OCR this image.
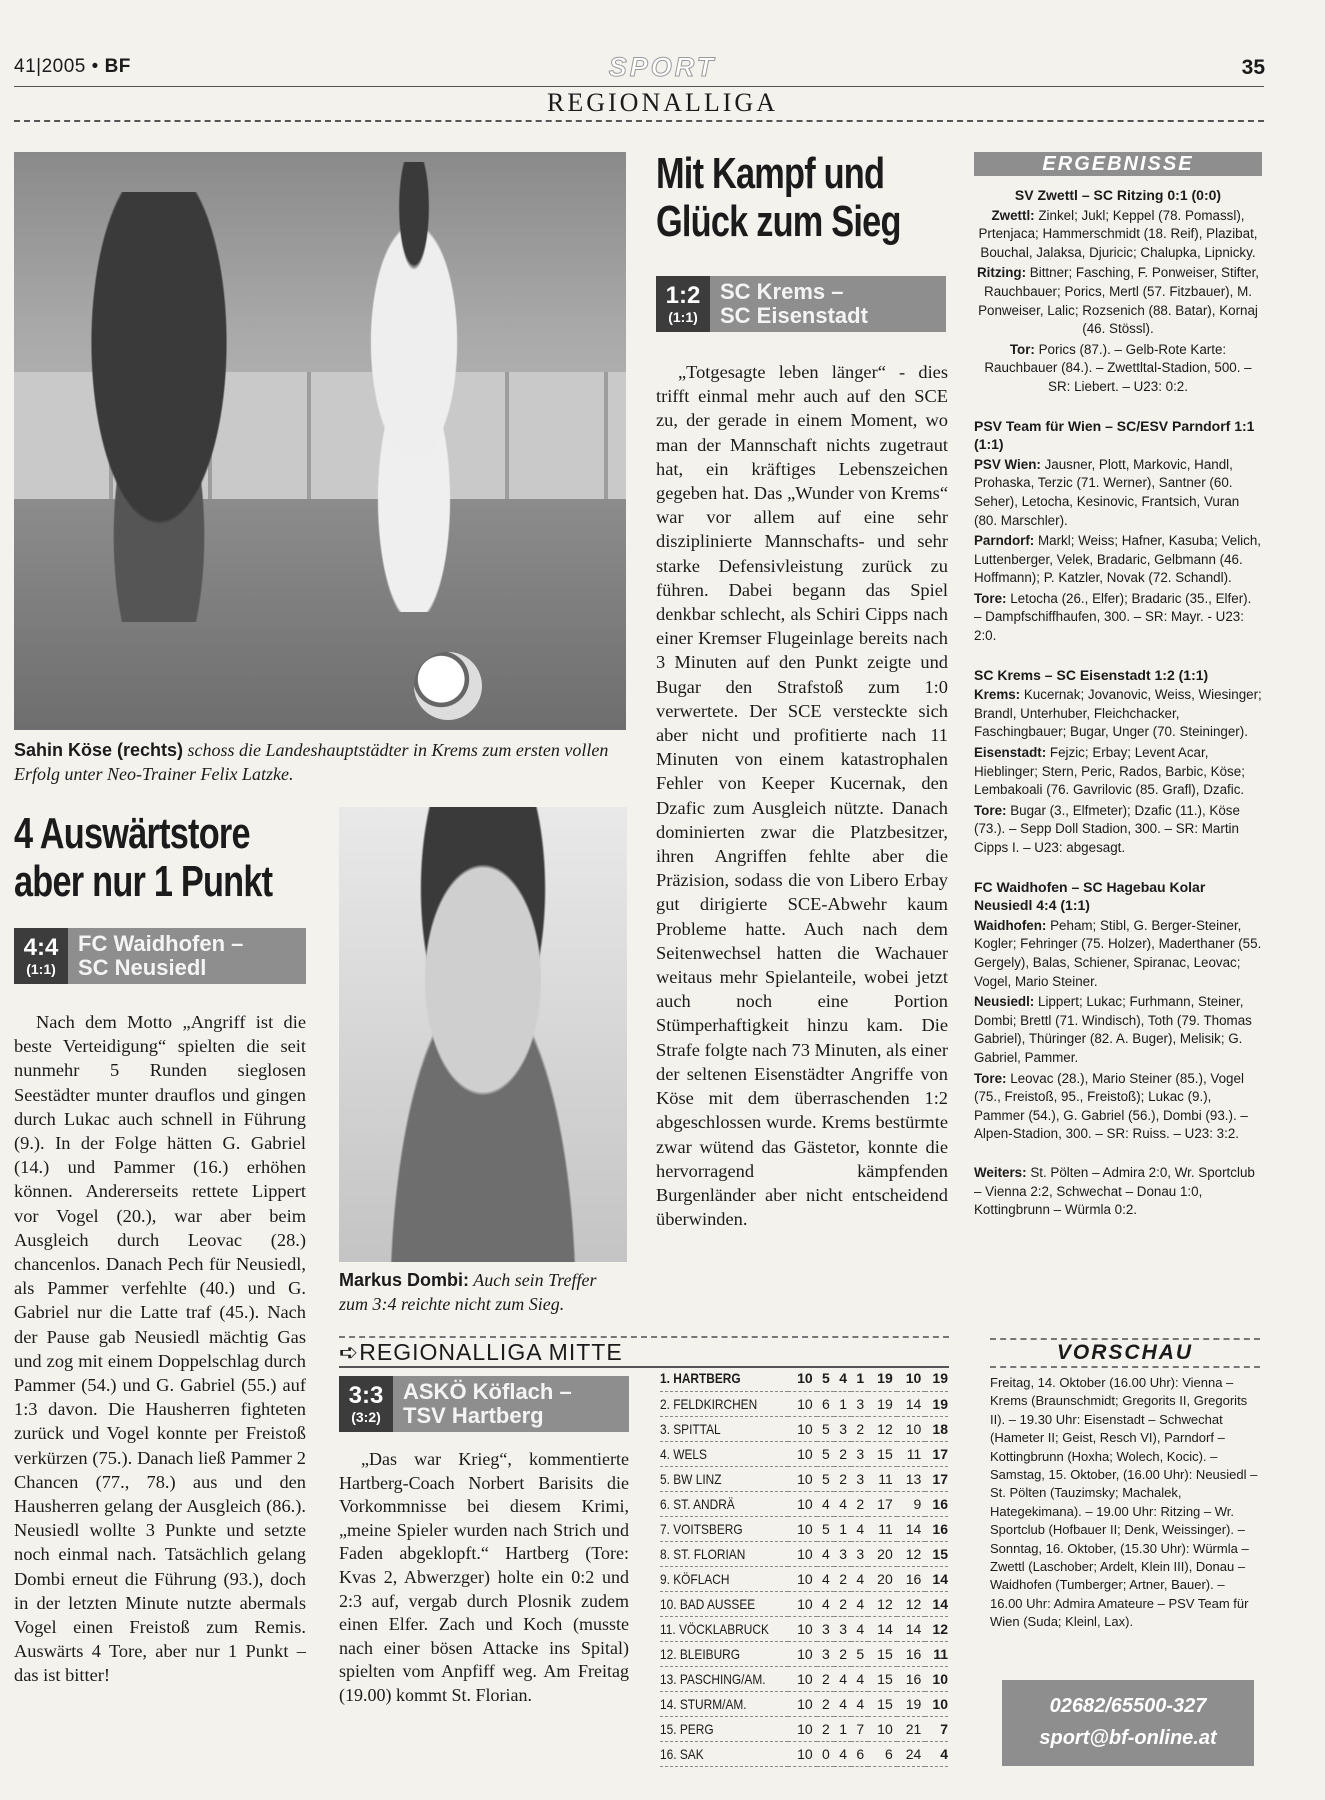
41|2005 • BF	SPORT	35
REGIONALLIGA
Sahin Köse (rechts) schoss die Landeshauptstädter in Krems zum ersten vollen Erfolg unter Neo-Trainer Felix Latzke.
4 Auswärtstore
aber nur 1 Punkt
4:4
(1:1)
FC Waidhofen –
SC Neusiedl

Nach dem Motto „Angriff ist die beste Verteidigung“ spielten die seit nunmehr 5 Runden sieglosen Seestädter munter drauflos und gingen durch Lukac auch schnell in Führung (9.). In der Folge hätten G. Gabriel (14.) und Pammer (16.) erhöhen können. Andererseits rettete Lippert vor Vogel (20.), war aber beim Ausgleich durch Leovac (28.) chancenlos. Danach Pech für Neusiedl, als Pammer verfehlte (40.) und G. Gabriel nur die Latte traf (45.). Nach der Pause gab Neusiedl mächtig Gas und zog mit einem Doppelschlag durch Pammer (54.) und G. Gabriel (55.) auf 1:3 davon. Die Hausherren fighteten zurück und Vogel konnte per Freistoß verkürzen (75.). Danach ließ Pammer 2 Chancen (77., 78.) aus und den Hausherren gelang der Ausgleich (86.). Neusiedl wollte 3 Punkte und setzte noch einmal nach. Tatsächlich gelang Dombi erneut die Führung (93.), doch in der letzten Minute nutzte abermals Vogel einen Freistoß zum Remis. Auswärts 4 Tore, aber nur 1 Punkt – das ist bitter!

Markus Dombi: Auch sein Treffer zum 3:4 reichte nicht zum Sieg.
Mit Kampf und
Glück zum Sieg
1:2
(1:1)
SC Krems –
SC Eisenstadt

„Totgesagte leben länger“ - dies trifft einmal mehr auch auf den SCE zu, der gerade in einem Moment, wo man der Mannschaft nichts zugetraut hat, ein kräftiges Lebenszeichen gegeben hat. Das „Wunder von Krems“ war vor allem auf eine sehr disziplinierte Mannschafts- und sehr starke Defensivleistung zurück zu führen. Dabei begann das Spiel denkbar schlecht, als Schiri Cipps nach einer Kremser Flugeinlage bereits nach 3 Minuten auf den Punkt zeigte und Bugar den Strafstoß zum 1:0 verwertete. Der SCE versteckte sich aber nicht und profitierte nach 11 Minuten von einem katastrophalen Fehler von Keeper Kucernak, den Dzafic zum Ausgleich nützte. Danach dominierten zwar die Platzbesitzer, ihren Angriffen fehlte aber die Präzision, sodass die von Libero Erbay gut dirigierte SCE-Abwehr kaum Probleme hatte. Auch nach dem Seitenwechsel hatten die Wachauer weitaus mehr Spielanteile, wobei jetzt auch noch eine Portion Stümperhaftigkeit hinzu kam. Die Strafe folgte nach 73 Minuten, als einer der seltenen Eisenstädter Angriffe von Köse mit dem überraschenden 1:2 abgeschlossen wurde. Krems bestürmte zwar wütend das Gästetor, konnte die hervorragend kämpfenden Burgenländer aber nicht entscheidend überwinden.

➪REGIONALLIGA MITTE
3:3
(3:2)
ASKÖ Köflach –
TSV Hartberg

„Das war Krieg“, kommentierte Hartberg-Coach Norbert Barisits die Vorkommnisse bei diesem Krimi, „meine Spieler wurden nach Strich und Faden abgeklopft.“ Hartberg (Tore: Kvas 2, Abwerzger) holte ein 0:2 und 2:3 auf, vergab durch Plosnik zudem einen Elfer. Zach und Koch (musste nach einer bösen Attacke ins Spital) spielten vom Anpfiff weg. Am Freitag (19.00) kommt St. Florian.

1. HARTBERG	10	5	4	1	19	10	19
2. FELDKIRCHEN	10	6	1	3	19	14	19
3. SPITTAL	10	5	3	2	12	10	18
4. WELS	10	5	2	3	15	11	17
5. BW LINZ	10	5	2	3	11	13	17
6. ST. ANDRÄ	10	4	4	2	17	9	16
7. VOITSBERG	10	5	1	4	11	14	16
8. ST. FLORIAN	10	4	3	3	20	12	15
9. KÖFLACH	10	4	2	4	20	16	14
10. BAD AUSSEE	10	4	2	4	12	12	14
11. VÖCKLABRUCK	10	3	3	4	14	14	12
12. BLEIBURG	10	3	2	5	15	16	11
13. PASCHING/AM.	10	2	4	4	15	16	10
14. STURM/AM.	10	2	4	4	15	19	10
15. PERG	10	2	1	7	10	21	7
16. SAK	10	0	4	6	6	24	4
ERGEBNISSE

SV Zwettl – SC Ritzing 0:1 (0:0)

Zwettl: Zinkel; Jukl; Keppel (78. Pomassl), Prtenjaca; Hammerschmidt (18. Reif), Plazibat, Bouchal, Jalaksa, Djuricic; Chalupka, Lipnicky.

Ritzing: Bittner; Fasching, F. Ponweiser, Stifter, Rauchbauer; Porics, Mertl (57. Fitzbauer), M. Ponweiser, Lalic; Rozsenich (88. Batar), Kornaj (46. Stössl).

Tor: Porics (87.). – Gelb-Rote Karte: Rauchbauer (84.). – Zwettltal-Stadion, 500. – SR: Liebert. – U23: 0:2.

PSV Team für Wien – SC/ESV Parndorf 1:1 (1:1)

PSV Wien: Jausner, Plott, Markovic, Handl, Prohaska, Terzic (71. Werner), Santner (60. Seher), Letocha, Kesinovic, Frantsich, Vuran (80. Marschler).

Parndorf: Markl; Weiss; Hafner, Kasuba; Velich, Luttenberger, Velek, Bradaric, Gelbmann (46. Hoffmann); P. Katzler, Novak (72. Schandl).

Tore: Letocha (26., Elfer); Bradaric (35., Elfer). – Dampfschiffhaufen, 300. – SR: Mayr. - U23: 2:0.

SC Krems – SC Eisenstadt 1:2 (1:1)

Krems: Kucernak; Jovanovic, Weiss, Wiesinger; Brandl, Unterhuber, Fleichchacker, Faschingbauer; Bugar, Unger (70. Steininger).

Eisenstadt: Fejzic; Erbay; Levent Acar, Hieblinger; Stern, Peric, Rados, Barbic, Köse; Lembakoali (76. Gavrilovic (85. Grafl), Dzafic.

Tore: Bugar (3., Elfmeter); Dzafic (11.), Köse (73.). – Sepp Doll Stadion, 300. – SR: Martin Cipps I. – U23: abgesagt.

FC Waidhofen – SC Hagebau Kolar Neusiedl 4:4 (1:1)

Waidhofen: Peham; Stibl, G. Berger-Steiner, Kogler; Fehringer (75. Holzer), Maderthaner (55. Gergely), Balas, Schiener, Spiranac, Leovac; Vogel, Mario Steiner.

Neusiedl: Lippert; Lukac; Furhmann, Steiner, Dombi; Brettl (71. Windisch), Toth (79. Thomas Gabriel), Thüringer (82. A. Buger), Melisik; G. Gabriel, Pammer.

Tore: Leovac (28.), Mario Steiner (85.), Vogel (75., Freistoß, 95., Freistoß); Lukac (9.), Pammer (54.), G. Gabriel (56.), Dombi (93.). – Alpen-Stadion, 300. – SR: Ruiss. – U23: 3:2.

Weiters: St. Pölten – Admira 2:0, Wr. Sportclub – Vienna 2:2, Schwechat – Donau 1:0, Kottingbrunn – Würmla 0:2.

VORSCHAU
Freitag, 14. Oktober (16.00 Uhr): Vienna – Krems (Braunschmidt; Gregorits II, Gregorits II). – 19.30 Uhr: Eisenstadt – Schwechat (Hameter II; Geist, Resch VI), Parndorf – Kottingbrunn (Hoxha; Wolech, Kocic). – Samstag, 15. Oktober, (16.00 Uhr): Neusiedl – St. Pölten (Tauzimsky; Machalek, Hategekimana). – 19.00 Uhr: Ritzing – Wr. Sportclub (Hofbauer II; Denk, Weissinger). – Sonntag, 16. Oktober, (15.30 Uhr): Würmla – Zwettl (Laschober; Ardelt, Klein III), Donau – Waidhofen (Tumberger; Artner, Bauer). – 16.00 Uhr: Admira Amateure – PSV Team für Wien (Suda; Kleinl, Lax).
02682/65500-327
sport@bf-online.at
